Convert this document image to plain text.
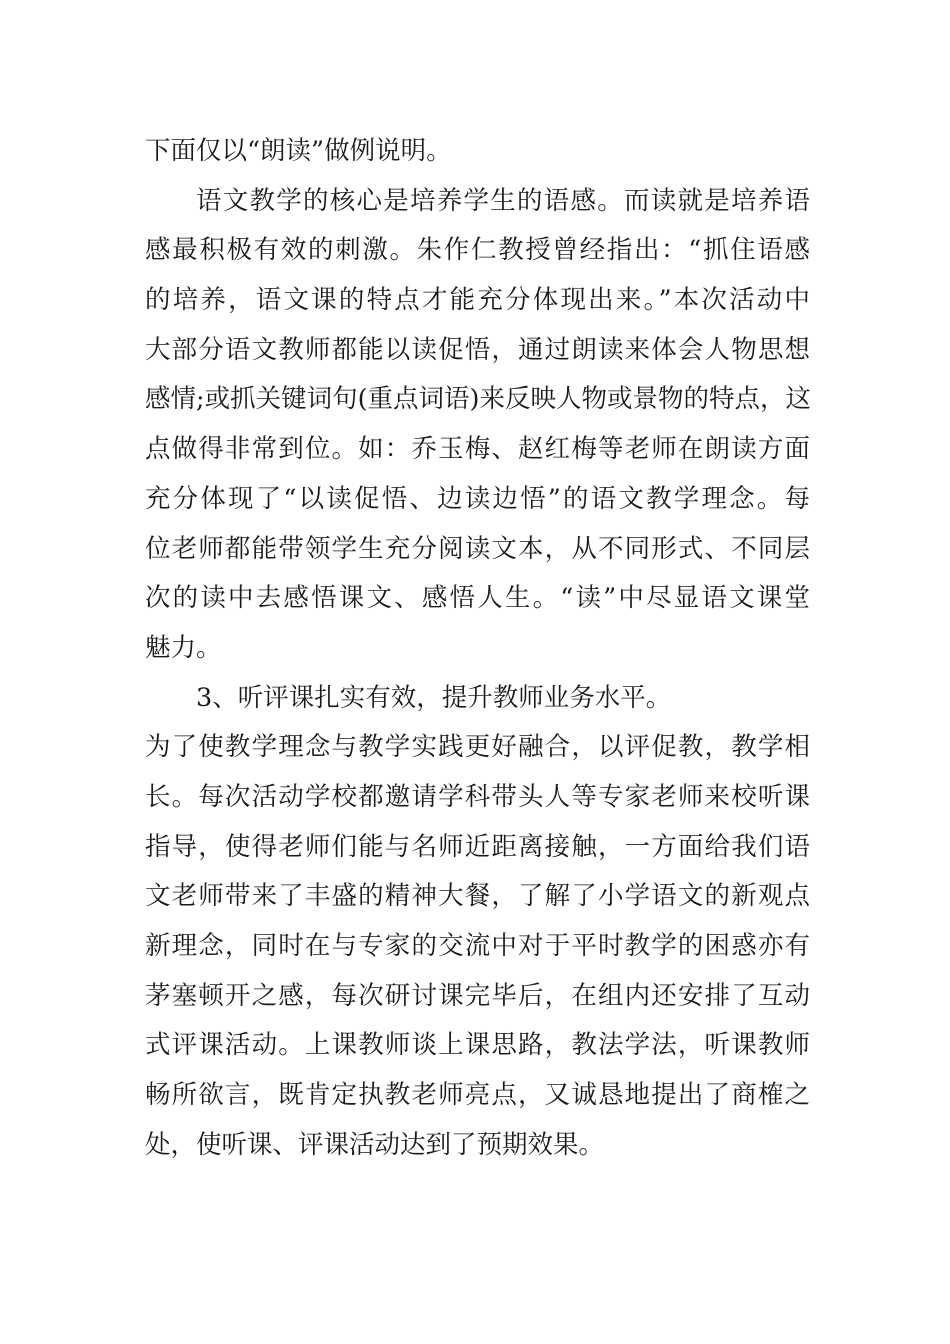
下面仅以“朗读”做例说明。
语文教学的核心是培养学生的语感。而读就是培养语
感最积极有效的刺激。朱作仁教授曾经指出：“抓住语感
的培养，语文课的特点才能充分体现出来。”本次活动中
大部分语文教师都能以读促悟，通过朗读来体会人物思想
感情;或抓关键词句(重点词语)来反映人物或景物的特点，这
点做得非常到位。如：乔玉梅、赵红梅等老师在朗读方面
充分体现了“以读促悟、边读边悟”的语文教学理念。每
位老师都能带领学生充分阅读文本，从不同形式、不同层
次的读中去感悟课文、感悟人生。“读”中尽显语文课堂
魅力。
3、听评课扎实有效，提升教师业务水平。
为了使教学理念与教学实践更好融合，以评促教，教学相
长。每次活动学校都邀请学科带头人等专家老师来校听课
指导，使得老师们能与名师近距离接触，一方面给我们语
文老师带来了丰盛的精神大餐，了解了小学语文的新观点
新理念，同时在与专家的交流中对于平时教学的困惑亦有
茅塞顿开之感，每次研讨课完毕后，在组内还安排了互动
式评课活动。上课教师谈上课思路，教法学法，听课教师
畅所欲言，既肯定执教老师亮点，又诚恳地提出了商榷之
处，使听课、评课活动达到了预期效果。
